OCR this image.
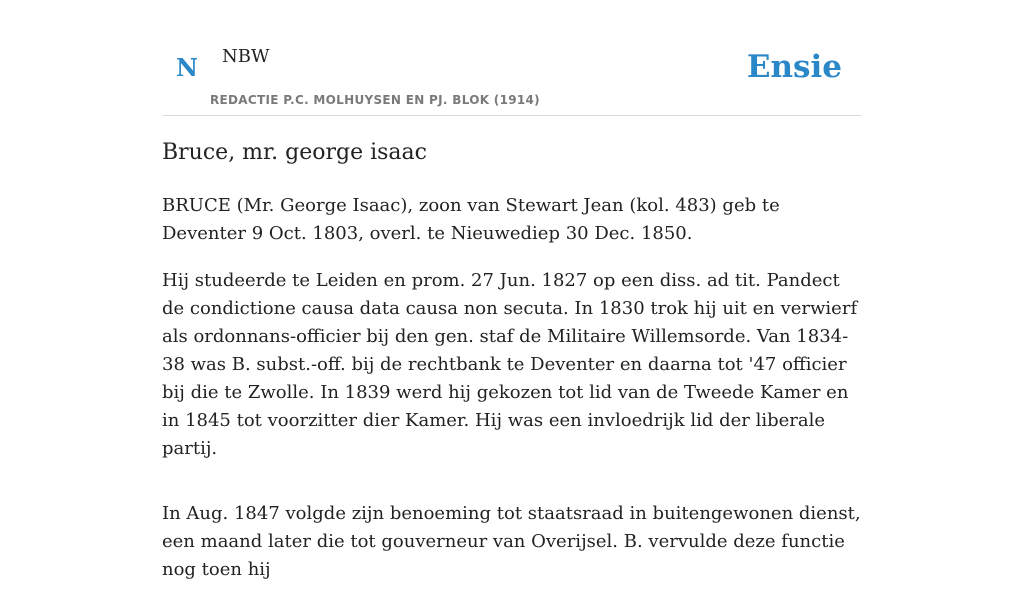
N NBW
REDACTIE P.C. MOLHUYSEN EN PJ. BLOK (1914)
Ensie
Bruce, mr. george isaac

BRUCE (Mr. George Isaac), zoon van Stewart Jean (kol. 483) geb te Deventer 9 Oct. 1803, overl. te Nieuwediep 30 Dec. 1850.

Hij studeerde te Leiden en prom. 27 Jun. 1827 op een diss. ad tit. Pandect de condictione causa data causa non secuta. In 1830 trok hij uit en verwierf als ordonnans-officier bij den gen. staf de Militaire Willemsorde. Van 1834-38 was B. subst.-off. bij de rechtbank te Deventer en daarna tot '47 officier bij die te Zwolle. In 1839 werd hij gekozen tot lid van de Tweede Kamer en in 1845 tot voorzitter dier Kamer. Hij was een invloedrijk lid der liberale partij.

In Aug. 1847 volgde zijn benoeming tot staatsraad in buitengewonen dienst, een maand later die tot gouverneur van Overijsel. B. vervulde deze functie nog toen hij
